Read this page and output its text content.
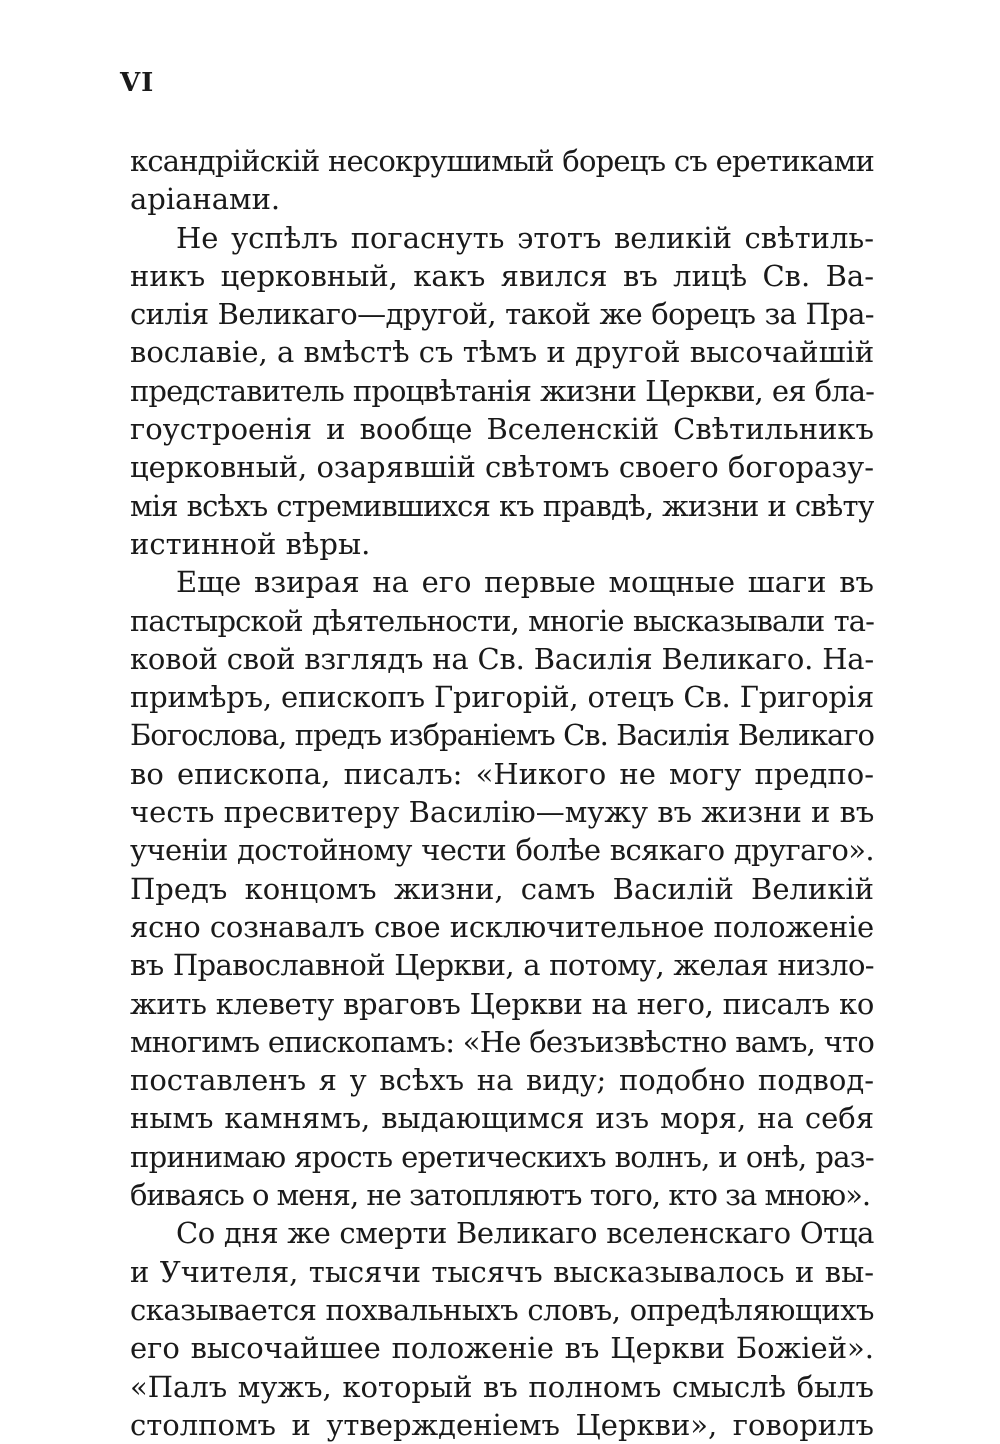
VI
ксандрійскій несокрушимый борецъ съ еретиками
аріанами.
Не успѣлъ погаснуть этотъ великій свѣтиль-
никъ церковный, какъ явился въ лицѣ Св. Ва-
силія Великаго—другой, такой же борецъ за Пра-
вославіе, а вмѣстѣ съ тѣмъ и другой высочайшій
представитель процвѣтанія жизни Церкви, ея бла-
гоустроенія и вообще Вселенскій Свѣтильникъ
церковный, озарявшій свѣтомъ своего богоразу-
мія всѣхъ стремившихся къ правдѣ, жизни и свѣту
истинной вѣры.
Еще взирая на его первые мощные шаги въ
пастырской дѣятельности, многіе высказывали та-
ковой свой взглядъ на Св. Василія Великаго. На-
примѣръ, епископъ Григорій, отецъ Св. Григорія
Богослова, предъ избраніемъ Св. Василія Великаго
во епископа, писалъ: «Никого не могу предпо-
честь пресвитеру Василію—мужу въ жизни и въ
ученіи достойному чести болѣе всякаго другаго».
Предъ концомъ жизни, самъ Василій Великій
ясно сознавалъ свое исключительное положеніе
въ Православной Церкви, а потому, желая низло-
жить клевету враговъ Церкви на него, писалъ ко
многимъ епископамъ: «Не безъизвѣстно вамъ, что
поставленъ я у всѣхъ на виду; подобно подвод-
нымъ камнямъ, выдающимся изъ моря, на себя
принимаю ярость еретическихъ волнъ, и онѣ, раз-
биваясь о меня, не затопляютъ того, кто за мною».
Со дня же смерти Великаго вселенскаго Отца
и Учителя, тысячи тысячъ высказывалось и вы-
сказывается похвальныхъ словъ, опредѣляющихъ
его высочайшее положеніе въ Церкви Божіей».
«Палъ мужъ, который въ полномъ смыслѣ былъ
столпомъ и утвержденіемъ Церкви», говорилъ
